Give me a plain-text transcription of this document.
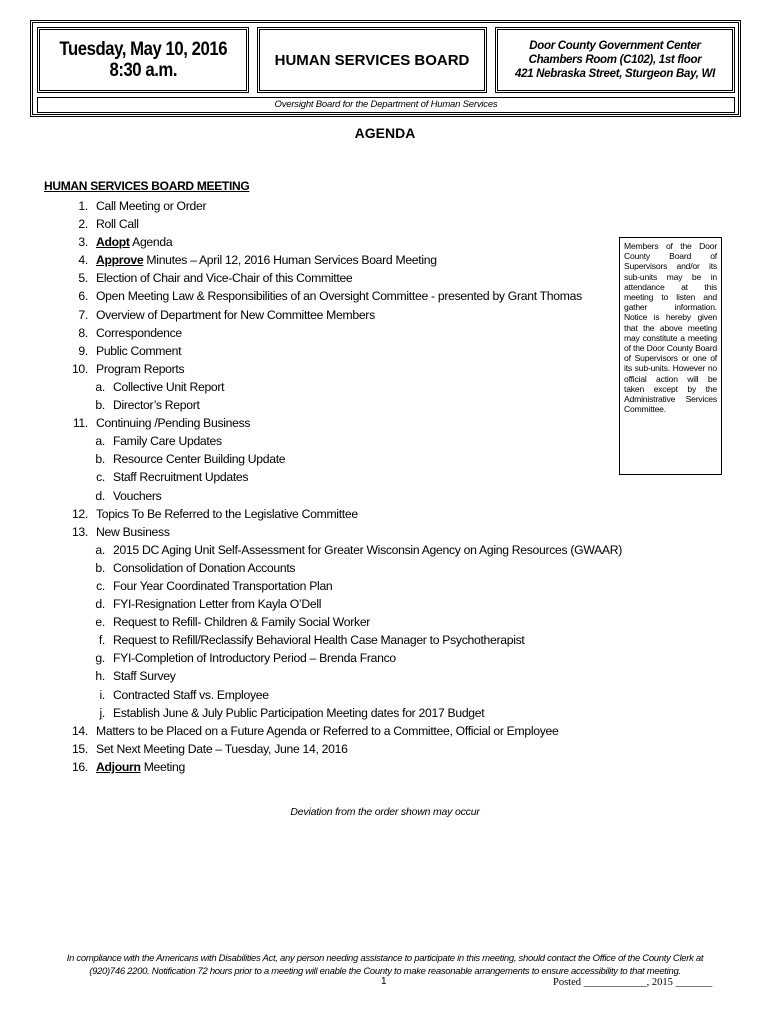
Tuesday, May 10, 2016
8:30 a.m.	HUMAN SERVICES BOARD
Door County Government Center
Chambers Room (C102), 1st floor
421 Nebraska Street, Sturgeon Bay, WI
Oversight Board for the Department of Human Services
AGENDA
HUMAN SERVICES BOARD MEETING
1. Call Meeting or Order
2. Roll Call
3. Adopt Agenda
4. Approve Minutes – April 12, 2016 Human Services Board Meeting
5. Election of Chair and Vice-Chair of this Committee
6. Open Meeting Law & Responsibilities of an Oversight Committee - presented by Grant Thomas
7. Overview of Department for New Committee Members
8. Correspondence
9. Public Comment
10. Program Reports
a. Collective Unit Report
b. Director’s Report
11. Continuing /Pending Business
a. Family Care Updates
b. Resource Center Building Update
c. Staff Recruitment Updates
d. Vouchers
12. Topics To Be Referred to the Legislative Committee
13. New Business
a. 2015 DC Aging Unit Self-Assessment for Greater Wisconsin Agency on Aging Resources (GWAAR)
b. Consolidation of Donation Accounts
c. Four Year Coordinated Transportation Plan
d. FYI-Resignation Letter from Kayla O’Dell
e. Request to Refill- Children & Family Social Worker
f. Request to Refill/Reclassify Behavioral Health Case Manager to Psychotherapist
g. FYI-Completion of Introductory Period – Brenda Franco
h. Staff Survey
i. Contracted Staff vs. Employee
j. Establish June & July Public Participation Meeting dates for 2017 Budget
14. Matters to be Placed on a Future Agenda or Referred to a Committee, Official or Employee
15. Set Next Meeting Date – Tuesday, June 14, 2016
16. Adjourn Meeting
Members of the Door County Board of Supervisors and/or its sub-units may be in attendance at this meeting to listen and gather information. Notice is hereby given that the above meeting may constitute a meeting of the Door County Board of Supervisors or one of its sub-units. However no official action will be taken except by the Administrative Services Committee.
Deviation from the order shown may occur
In compliance with the Americans with Disabilities Act, any person needing assistance to participate in this meeting, should contact the Office of the County Clerk at
(920)746 2200. Notification 72 hours prior to a meeting will enable the County to make reasonable arrangements to ensure accessibility to that meeting.
1	Posted ____________, 2015 _______
